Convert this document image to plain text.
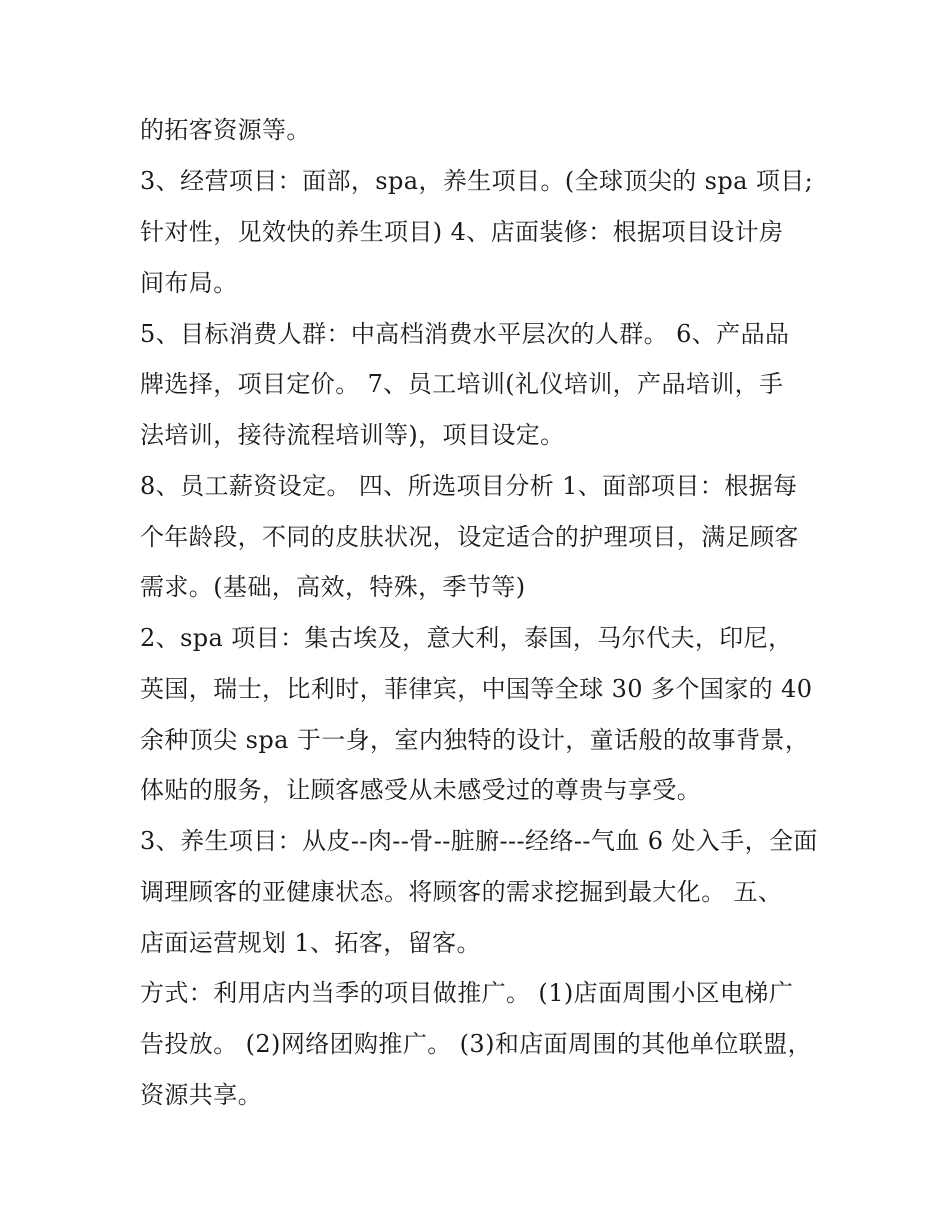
的拓客资源等。

3、经营项目：面部，spa，养生项目。(全球顶尖的 spa 项目;

针对性，见效快的养生项目) 4、店面装修：根据项目设计房

间布局。

5、目标消费人群：中高档消费水平层次的人群。 6、产品品

牌选择，项目定价。 7、员工培训(礼仪培训，产品培训，手

法培训，接待流程培训等)，项目设定。

8、员工薪资设定。 四、所选项目分析 1、面部项目：根据每

个年龄段，不同的皮肤状况，设定适合的护理项目，满足顾客

需求。(基础，高效，特殊，季节等)

2、spa 项目：集古埃及，意大利，泰国，马尔代夫，印尼，

英国，瑞士，比利时，菲律宾，中国等全球 30 多个国家的 40

余种顶尖 spa 于一身，室内独特的设计，童话般的故事背景，

体贴的服务，让顾客感受从未感受过的尊贵与享受。

3、养生项目：从皮--肉--骨--脏腑---经络--气血 6 处入手，全面

调理顾客的亚健康状态。将顾客的需求挖掘到最大化。 五、

店面运营规划 1、拓客，留客。

方式：利用店内当季的项目做推广。 (1)店面周围小区电梯广

告投放。 (2)网络团购推广。 (3)和店面周围的其他单位联盟，

资源共享。
